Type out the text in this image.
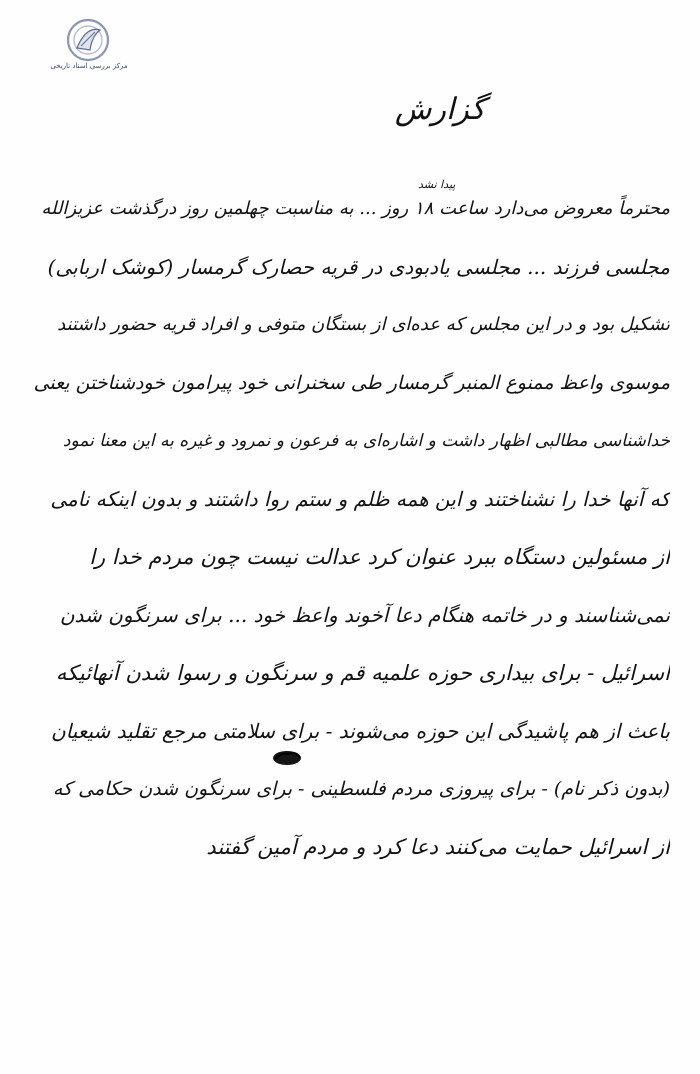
مرکز بررسی اسناد تاریخی
گزارش
پیدا نشد
محترماً معروض می‌دارد ساعت ۱۸ روز ... به مناسبت چهلمین روز درگذشت عزیزالله
مجلسی فرزند ... مجلسی یادبودی در قریه حصارک گرمسار (کوشک اربابی)
تشکیل بود و در این مجلس که عده‌ای از بستگان متوفی و افراد قریه حضور داشتند
موسوی واعظ ممنوع المنبر گرمسار طی سخنرانی خود پیرامون خودشناختن یعنی
خداشناسی مطالبی اظهار داشت و اشاره‌ای به فرعون و نمرود و غیره به این معنا نمود
که آنها خدا را نشناختند و این همه ظلم و ستم روا داشتند و بدون اینکه نامی
از مسئولین دستگاه ببرد عنوان کرد عدالت نیست چون مردم خدا را
نمی‌شناسند و در خاتمه هنگام دعا آخوند واعظ خود ... برای سرنگون شدن
اسرائیل - برای بیداری حوزه علمیه قم و سرنگون و رسوا شدن آنهائیکه
باعث از هم پاشیدگی این حوزه می‌شوند - برای سلامتی مرجع تقلید شیعیان
(بدون ذکر نام) - برای پیروزی مردم فلسطینی - برای سرنگون شدن حکامی که
از اسرائیل حمایت می‌کنند دعا کرد و مردم آمین گفتند
